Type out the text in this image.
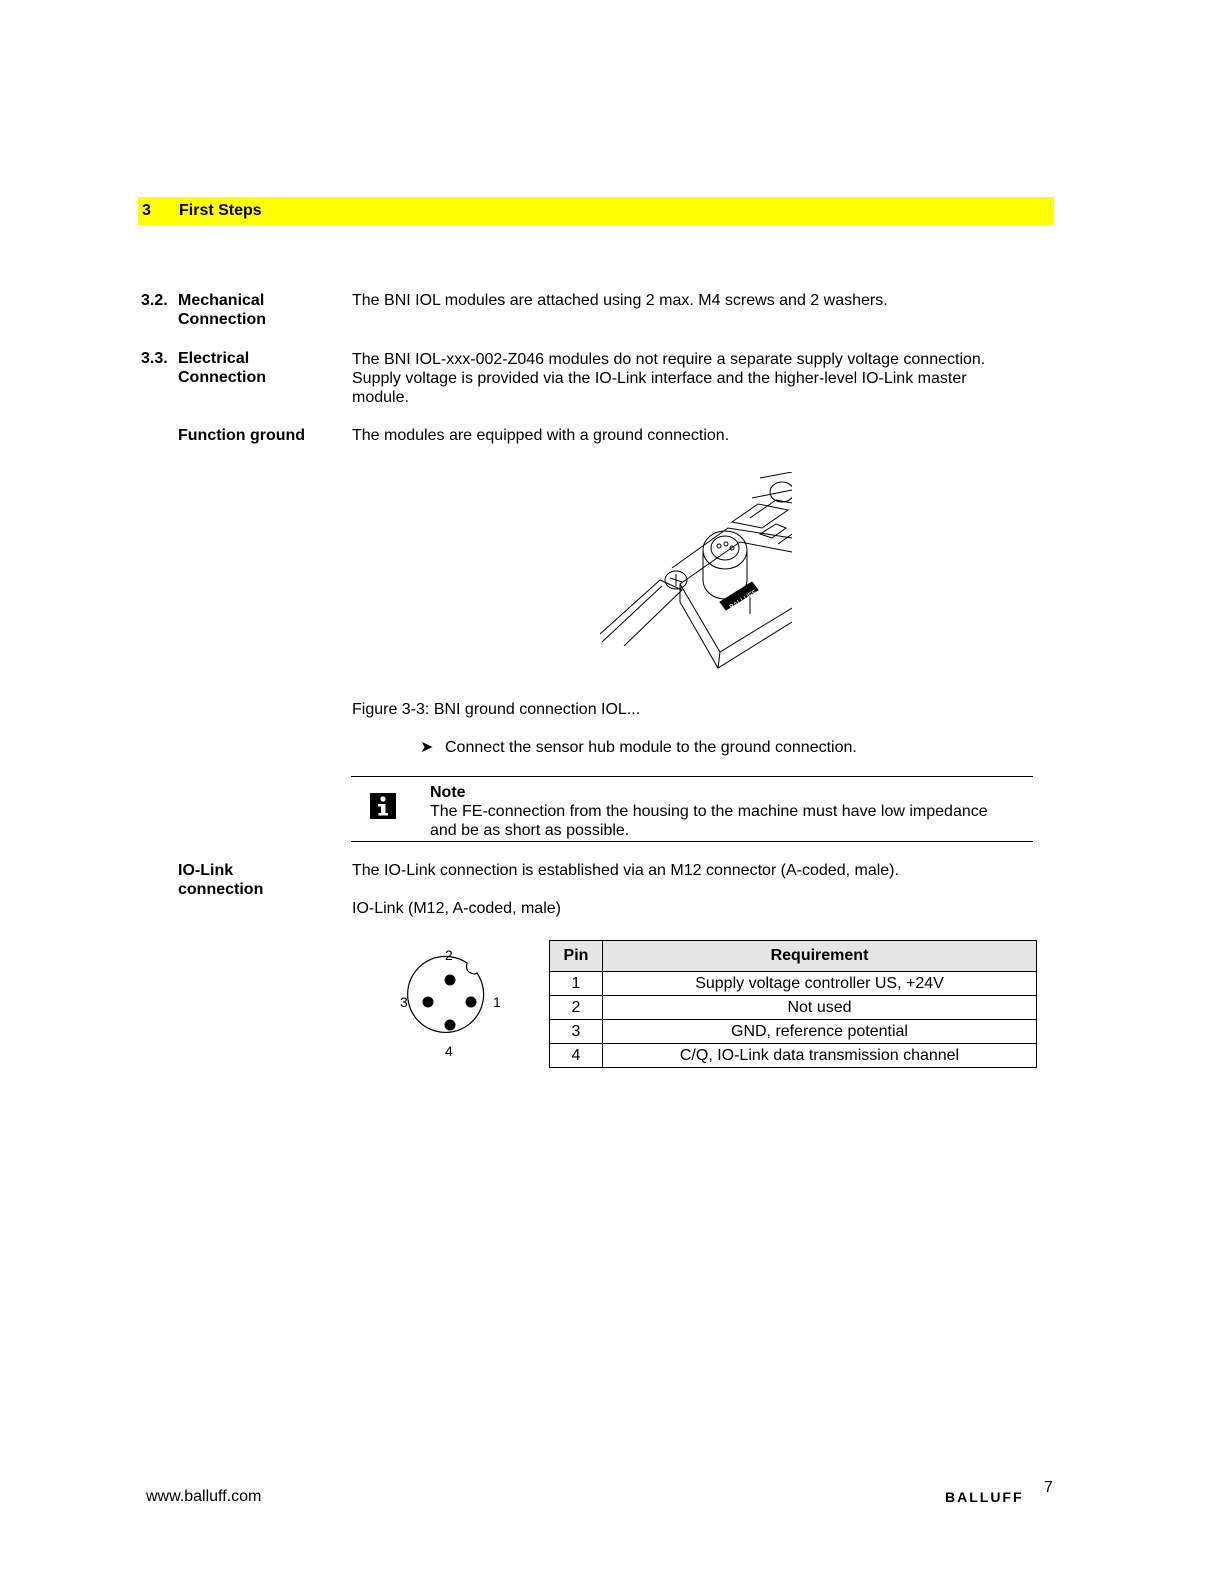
3 First Steps
3.2. Mechanical
Connection
The BNI IOL modules are attached using 2 max. M4 screws and 2 washers.
3.3. Electrical
Connection
The BNI IOL-xxx-002-Z046 modules do not require a separate supply voltage connection.
Supply voltage is provided via the IO-Link interface and the higher-level IO-Link master
module.
Function ground	The modules are equipped with a ground connection.
BALLUFF
Figure 3-3: BNI ground connection IOL...
➤ Connect the sensor hub module to the ground connection.
Note
The FE-connection from the housing to the machine must have low impedance
and be as short as possible.
IO-Link
connection
The IO-Link connection is established via an M12 connector (A-coded, male).
IO-Link (M12, A-coded, male)
2
3	1
4
Pin	Requirement
1	Supply voltage controller US, +24V
2	Not used
3	GND, reference potential
4	C/Q, IO-Link data transmission channel
www.balluff.com	BALLUFF
7
